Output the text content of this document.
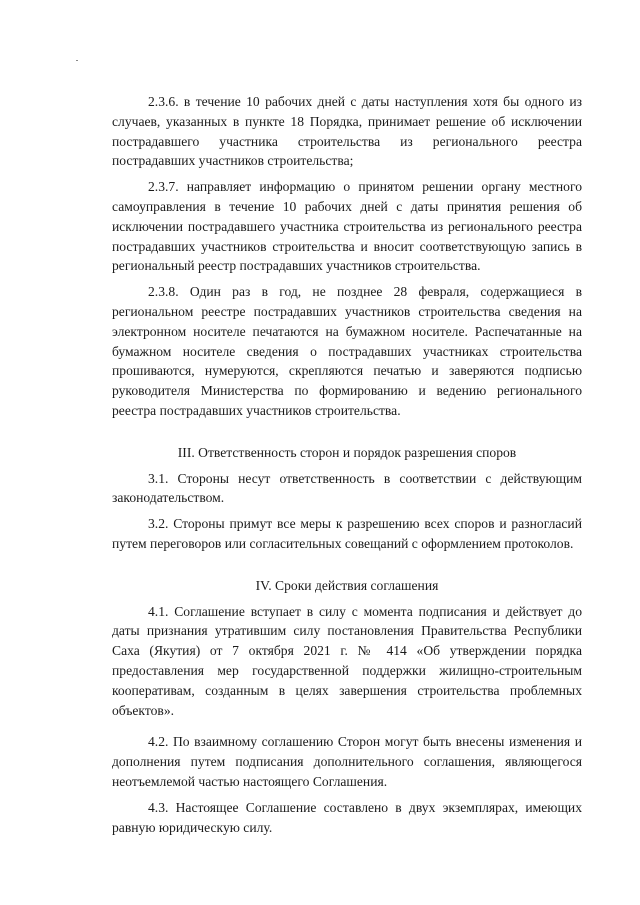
2.3.6. в течение 10 рабочих дней с даты наступления хотя бы одного из случаев, указанных в пункте 18 Порядка, принимает решение об исключении пострадавшего участника строительства из регионального реестра пострадавших участников строительства;

2.3.7. направляет информацию о принятом решении органу местного самоуправления в течение 10 рабочих дней с даты принятия решения об исключении пострадавшего участника строительства из регионального реестра пострадавших участников строительства и вносит соответствующую запись в региональный реестр пострадавших участников строительства.

2.3.8. Один раз в год, не позднее 28 февраля, содержащиеся в региональном реестре пострадавших участников строительства сведения на электронном носителе печатаются на бумажном носителе. Распечатанные на бумажном носителе сведения о пострадавших участниках строительства прошиваются, нумеруются, скрепляются печатью и заверяются подписью руководителя Министерства по формированию и ведению регионального реестра пострадавших участников строительства.

III. Ответственность сторон и порядок разрешения споров

3.1. Стороны несут ответственность в соответствии с действующим законодательством.

3.2. Стороны примут все меры к разрешению всех споров и разногласий путем переговоров или согласительных совещаний с оформлением протоколов.

IV. Сроки действия соглашения

4.1. Соглашение вступает в силу с момента подписания и действует до даты признания утратившим силу постановления Правительства Республики Саха (Якутия) от 7 октября 2021 г. № 414 «Об утверждении порядка предоставления мер государственной поддержки жилищно-строительным кооперативам, созданным в целях завершения строительства проблемных объектов».

4.2. По взаимному соглашению Сторон могут быть внесены изменения и дополнения путем подписания дополнительного соглашения, являющегося неотъемлемой частью настоящего Соглашения.

4.3. Настоящее Соглашение составлено в двух экземплярах, имеющих равную юридическую силу.
